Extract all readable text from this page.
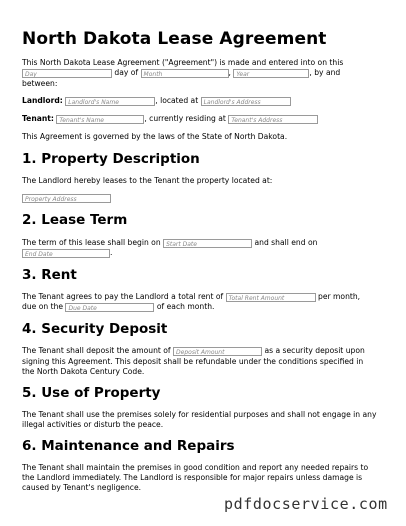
North Dakota Lease Agreement
This North Dakota Lease Agreement ("Agreement") is made and entered into on this
Day	day of Month	, Year	, by and
between:
Landlord: Landlord's Name	, located at Landlord's Address
Tenant: Tenant's Name	, currently residing at Tenant's Address
This Agreement is governed by the laws of the State of North Dakota.
1. Property Description
The Landlord hereby leases to the Tenant the property located at:
Property Address
2. Lease Term
The term of this lease shall begin on Start Date	and shall end on
End Date	.
3. Rent
The Tenant agrees to pay the Landlord a total rent of Total Rent Amount	per month,
due on the Due Date	of each month.
4. Security Deposit
The Tenant shall deposit the amount of Deposit Amount	as a security deposit upon
signing this Agreement. This deposit shall be refundable under the conditions specified in the North Dakota Century Code.
5. Use of Property
The Tenant shall use the premises solely for residential purposes and shall not engage in any illegal activities or disturb the peace.
6. Maintenance and Repairs
The Tenant shall maintain the premises in good condition and report any needed repairs to the Landlord immediately. The Landlord is responsible for major repairs unless damage is caused by Tenant's negligence.
pdfdocservice.com
